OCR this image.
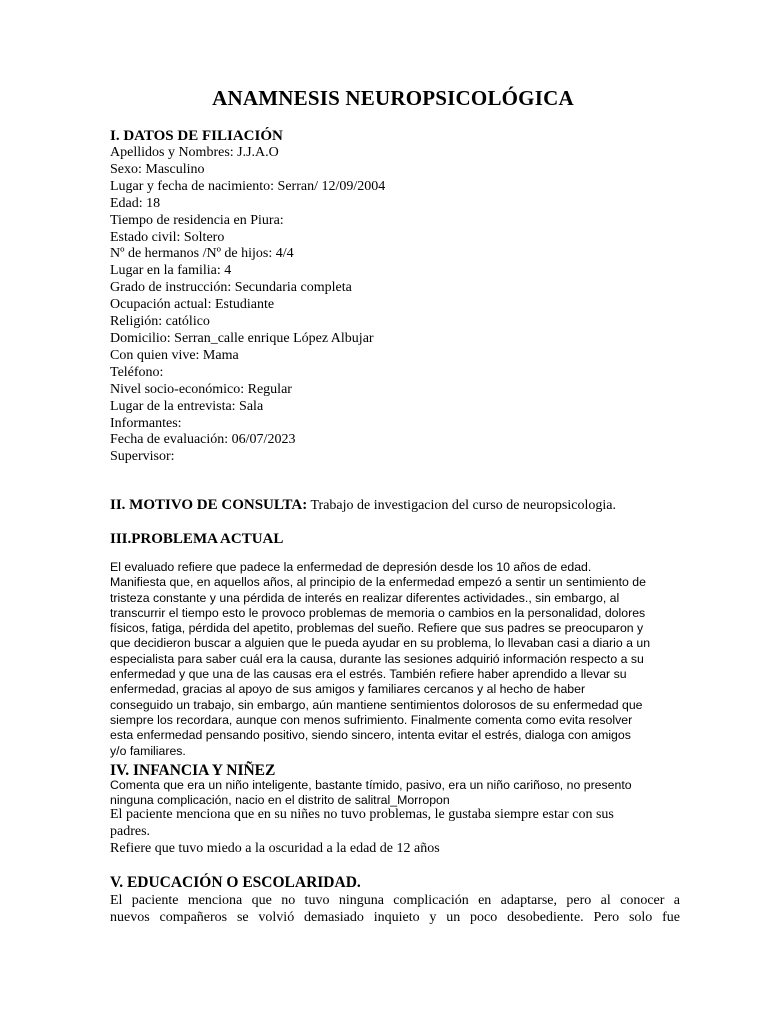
ANAMNESIS NEUROPSICOLÓGICA
I. DATOS DE FILIACIÓN
Apellidos y Nombres: J.J.A.O
Sexo: Masculino
Lugar y fecha de nacimiento: Serran/ 12/09/2004
Edad: 18
Tiempo de residencia en Piura:
Estado civil: Soltero
Nº de hermanos /Nº de hijos: 4/4
Lugar en la familia: 4
Grado de instrucción: Secundaria completa
Ocupación actual: Estudiante
Religión: católico
Domicilio: Serran_calle enrique López Albujar
Con quien vive: Mama
Teléfono:
Nivel socio-económico: Regular
Lugar de la entrevista: Sala
Informantes:
Fecha de evaluación: 06/07/2023
Supervisor:
II. MOTIVO DE CONSULTA: Trabajo de investigacion del curso de neuropsicologia.
III.PROBLEMA ACTUAL
El evaluado refiere que padece la enfermedad de depresión desde los 10 años de edad.
Manifiesta que, en aquellos años, al principio de la enfermedad empezó a sentir un sentimiento de
tristeza constante y una pérdida de interés en realizar diferentes actividades., sin embargo, al
transcurrir el tiempo esto le provoco problemas de memoria o cambios en la personalidad, dolores
físicos, fatiga, pérdida del apetito, problemas del sueño. Refiere que sus padres se preocuparon y
que decidieron buscar a alguien que le pueda ayudar en su problema, lo llevaban casi a diario a un
especialista para saber cuál era la causa, durante las sesiones adquirió información respecto a su
enfermedad y que una de las causas era el estrés. También refiere haber aprendido a llevar su
enfermedad, gracias al apoyo de sus amigos y familiares cercanos y al hecho de haber
conseguido un trabajo, sin embargo, aún mantiene sentimientos dolorosos de su enfermedad que
siempre los recordara, aunque con menos sufrimiento. Finalmente comenta como evita resolver
esta enfermedad pensando positivo, siendo sincero, intenta evitar el estrés, dialoga con amigos
y/o familiares.
IV. INFANCIA Y NIÑEZ
Comenta que era un niño inteligente, bastante tímido, pasivo, era un niño cariñoso, no presento
ninguna complicación, nacio en el distrito de salitral_Morropon
El paciente menciona que en su niñes no tuvo problemas, le gustaba siempre estar con sus
padres.
Refiere que tuvo miedo a la oscuridad a la edad de 12 años
V. EDUCACIÓN O ESCOLARIDAD.
El paciente menciona que no tuvo ninguna complicación en adaptarse, pero al conocer a
nuevos compañeros se volvió demasiado inquieto y un poco desobediente. Pero solo fue
